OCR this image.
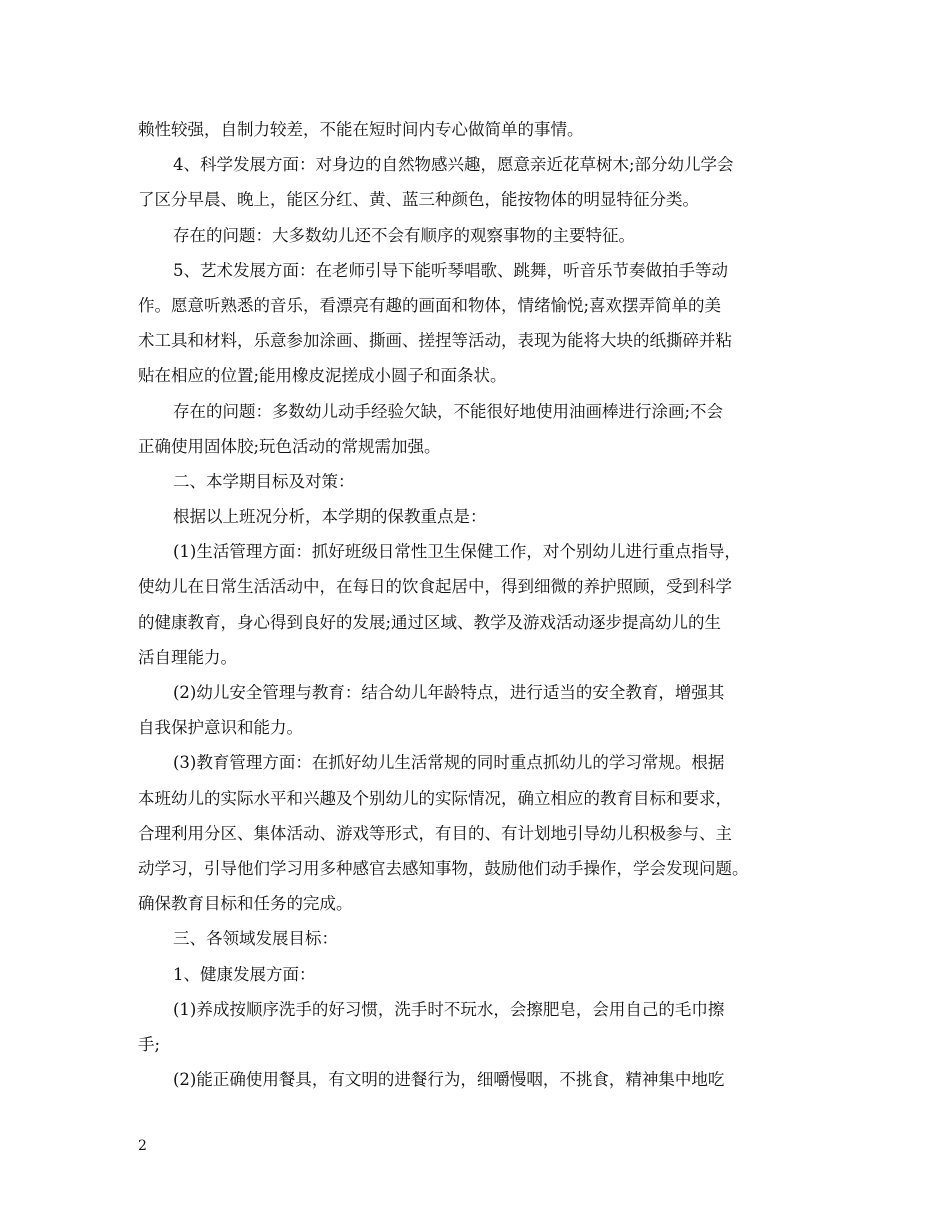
赖性较强，自制力较差，不能在短时间内专心做简单的事情。
4、科学发展方面：对身边的自然物感兴趣，愿意亲近花草树木;部分幼儿学会
了区分早晨、晚上，能区分红、黄、蓝三种颜色，能按物体的明显特征分类。
存在的问题：大多数幼儿还不会有顺序的观察事物的主要特征。
5、艺术发展方面：在老师引导下能听琴唱歌、跳舞，听音乐节奏做拍手等动
作。愿意听熟悉的音乐，看漂亮有趣的画面和物体，情绪愉悦;喜欢摆弄简单的美
术工具和材料，乐意参加涂画、撕画、搓捏等活动，表现为能将大块的纸撕碎并粘
贴在相应的位置;能用橡皮泥搓成小圆子和面条状。
存在的问题：多数幼儿动手经验欠缺，不能很好地使用油画棒进行涂画;不会
正确使用固体胶;玩色活动的常规需加强。
二、本学期目标及对策：
根据以上班况分析，本学期的保教重点是：
(1)生活管理方面：抓好班级日常性卫生保健工作，对个别幼儿进行重点指导，
使幼儿在日常生活活动中，在每日的饮食起居中，得到细微的养护照顾，受到科学
的健康教育，身心得到良好的发展;通过区域、教学及游戏活动逐步提高幼儿的生
活自理能力。
(2)幼儿安全管理与教育：结合幼儿年龄特点，进行适当的安全教育，增强其
自我保护意识和能力。
(3)教育管理方面：在抓好幼儿生活常规的同时重点抓幼儿的学习常规。根据
本班幼儿的实际水平和兴趣及个别幼儿的实际情况，确立相应的教育目标和要求，
合理利用分区、集体活动、游戏等形式，有目的、有计划地引导幼儿积极参与、主
动学习，引导他们学习用多种感官去感知事物，鼓励他们动手操作，学会发现问题。
确保教育目标和任务的完成。
三、各领域发展目标：
1、健康发展方面：
(1)养成按顺序洗手的好习惯，洗手时不玩水，会擦肥皂，会用自己的毛巾擦
手;
(2)能正确使用餐具，有文明的进餐行为，细嚼慢咽，不挑食，精神集中地吃
2
